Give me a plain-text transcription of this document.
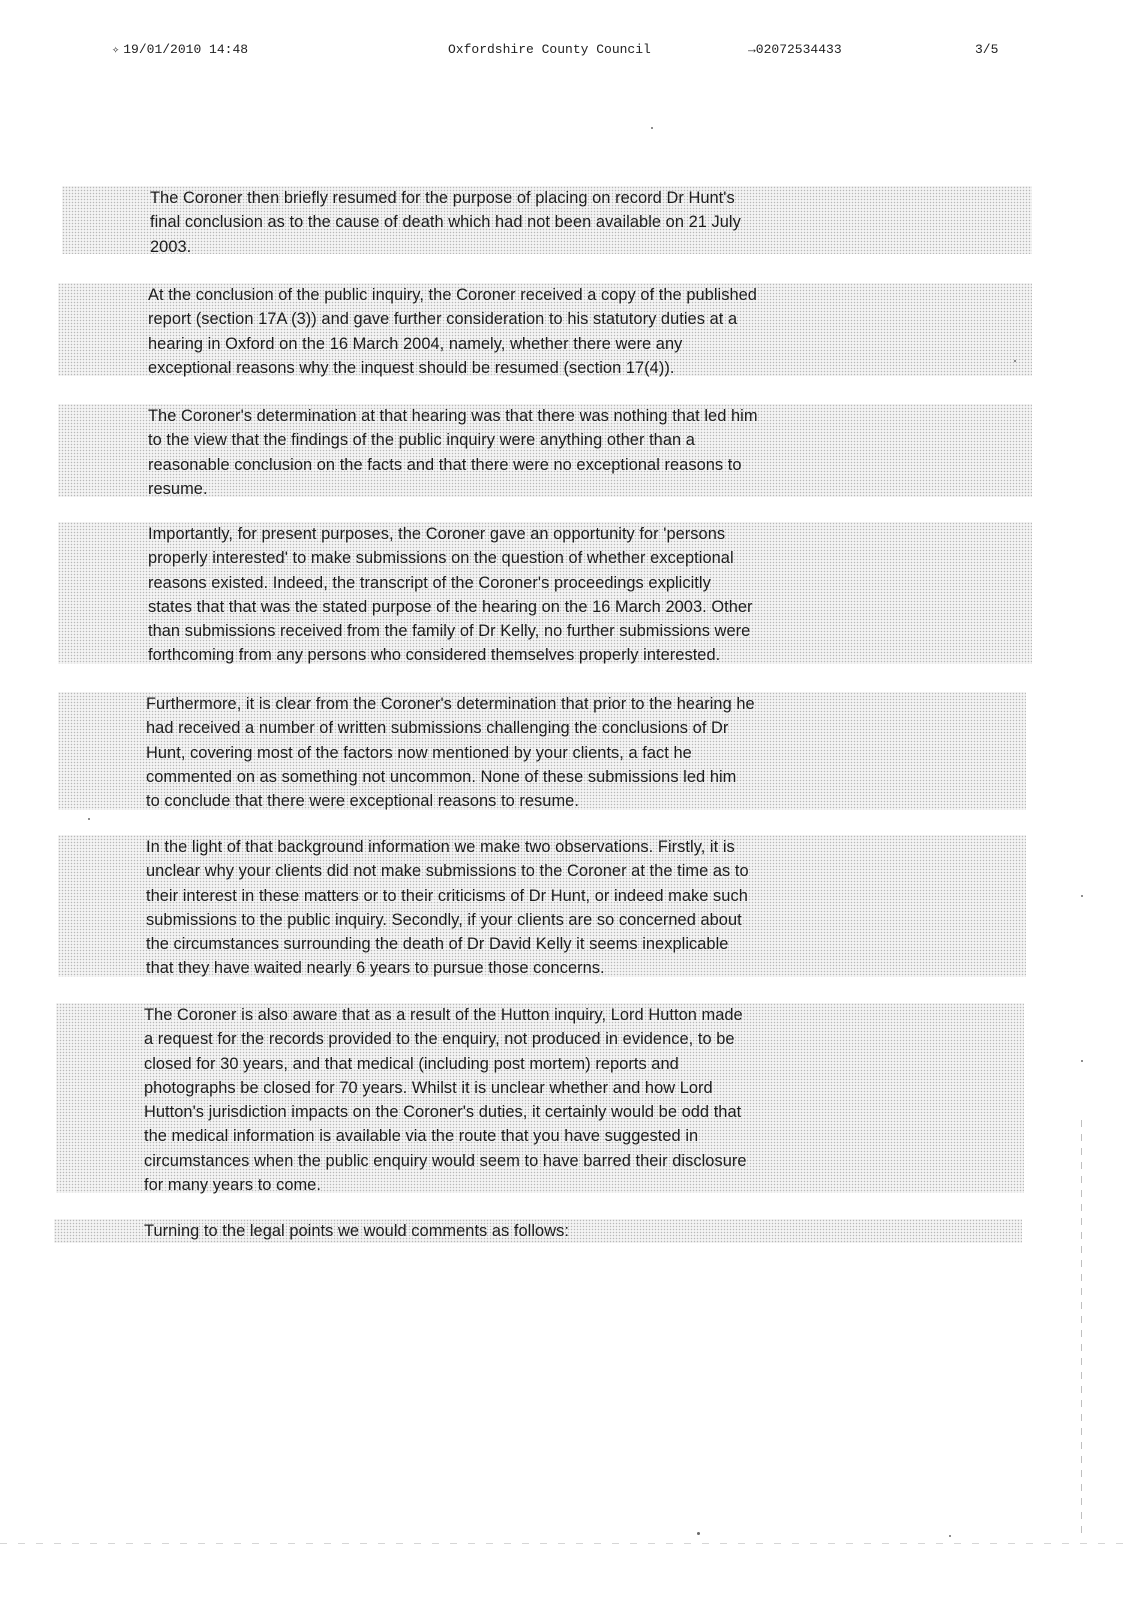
✧ 19/01/2010 14:48	Oxfordshire County Council	→02072534433	3/5
The Coroner then briefly resumed for the purpose of placing on record Dr Hunt's
final conclusion as to the cause of death which had not been available on 21 July
2003.
At the conclusion of the public inquiry, the Coroner received a copy of the published
report (section 17A (3)) and gave further consideration to his statutory duties at a
hearing in Oxford on the 16 March 2004, namely, whether there were any
exceptional reasons why the inquest should be resumed (section 17(4)).
The Coroner's determination at that hearing was that there was nothing that led him
to the view that the findings of the public inquiry were anything other than a
reasonable conclusion on the facts and that there were no exceptional reasons to
resume.
Importantly, for present purposes, the Coroner gave an opportunity for 'persons
properly interested' to make submissions on the question of whether exceptional
reasons existed. Indeed, the transcript of the Coroner's proceedings explicitly
states that that was the stated purpose of the hearing on the 16 March 2003. Other
than submissions received from the family of Dr Kelly, no further submissions were
forthcoming from any persons who considered themselves properly interested.
Furthermore, it is clear from the Coroner's determination that prior to the hearing he
had received a number of written submissions challenging the conclusions of Dr
Hunt, covering most of the factors now mentioned by your clients, a fact he
commented on as something not uncommon. None of these submissions led him
to conclude that there were exceptional reasons to resume.
In the light of that background information we make two observations. Firstly, it is
unclear why your clients did not make submissions to the Coroner at the time as to
their interest in these matters or to their criticisms of Dr Hunt, or indeed make such
submissions to the public inquiry. Secondly, if your clients are so concerned about
the circumstances surrounding the death of Dr David Kelly it seems inexplicable
that they have waited nearly 6 years to pursue those concerns.
The Coroner is also aware that as a result of the Hutton inquiry, Lord Hutton made
a request for the records provided to the enquiry, not produced in evidence, to be
closed for 30 years, and that medical (including post mortem) reports and
photographs be closed for 70 years. Whilst it is unclear whether and how Lord
Hutton's jurisdiction impacts on the Coroner's duties, it certainly would be odd that
the medical information is available via the route that you have suggested in
circumstances when the public enquiry would seem to have barred their disclosure
for many years to come.
Turning to the legal points we would comments as follows:
